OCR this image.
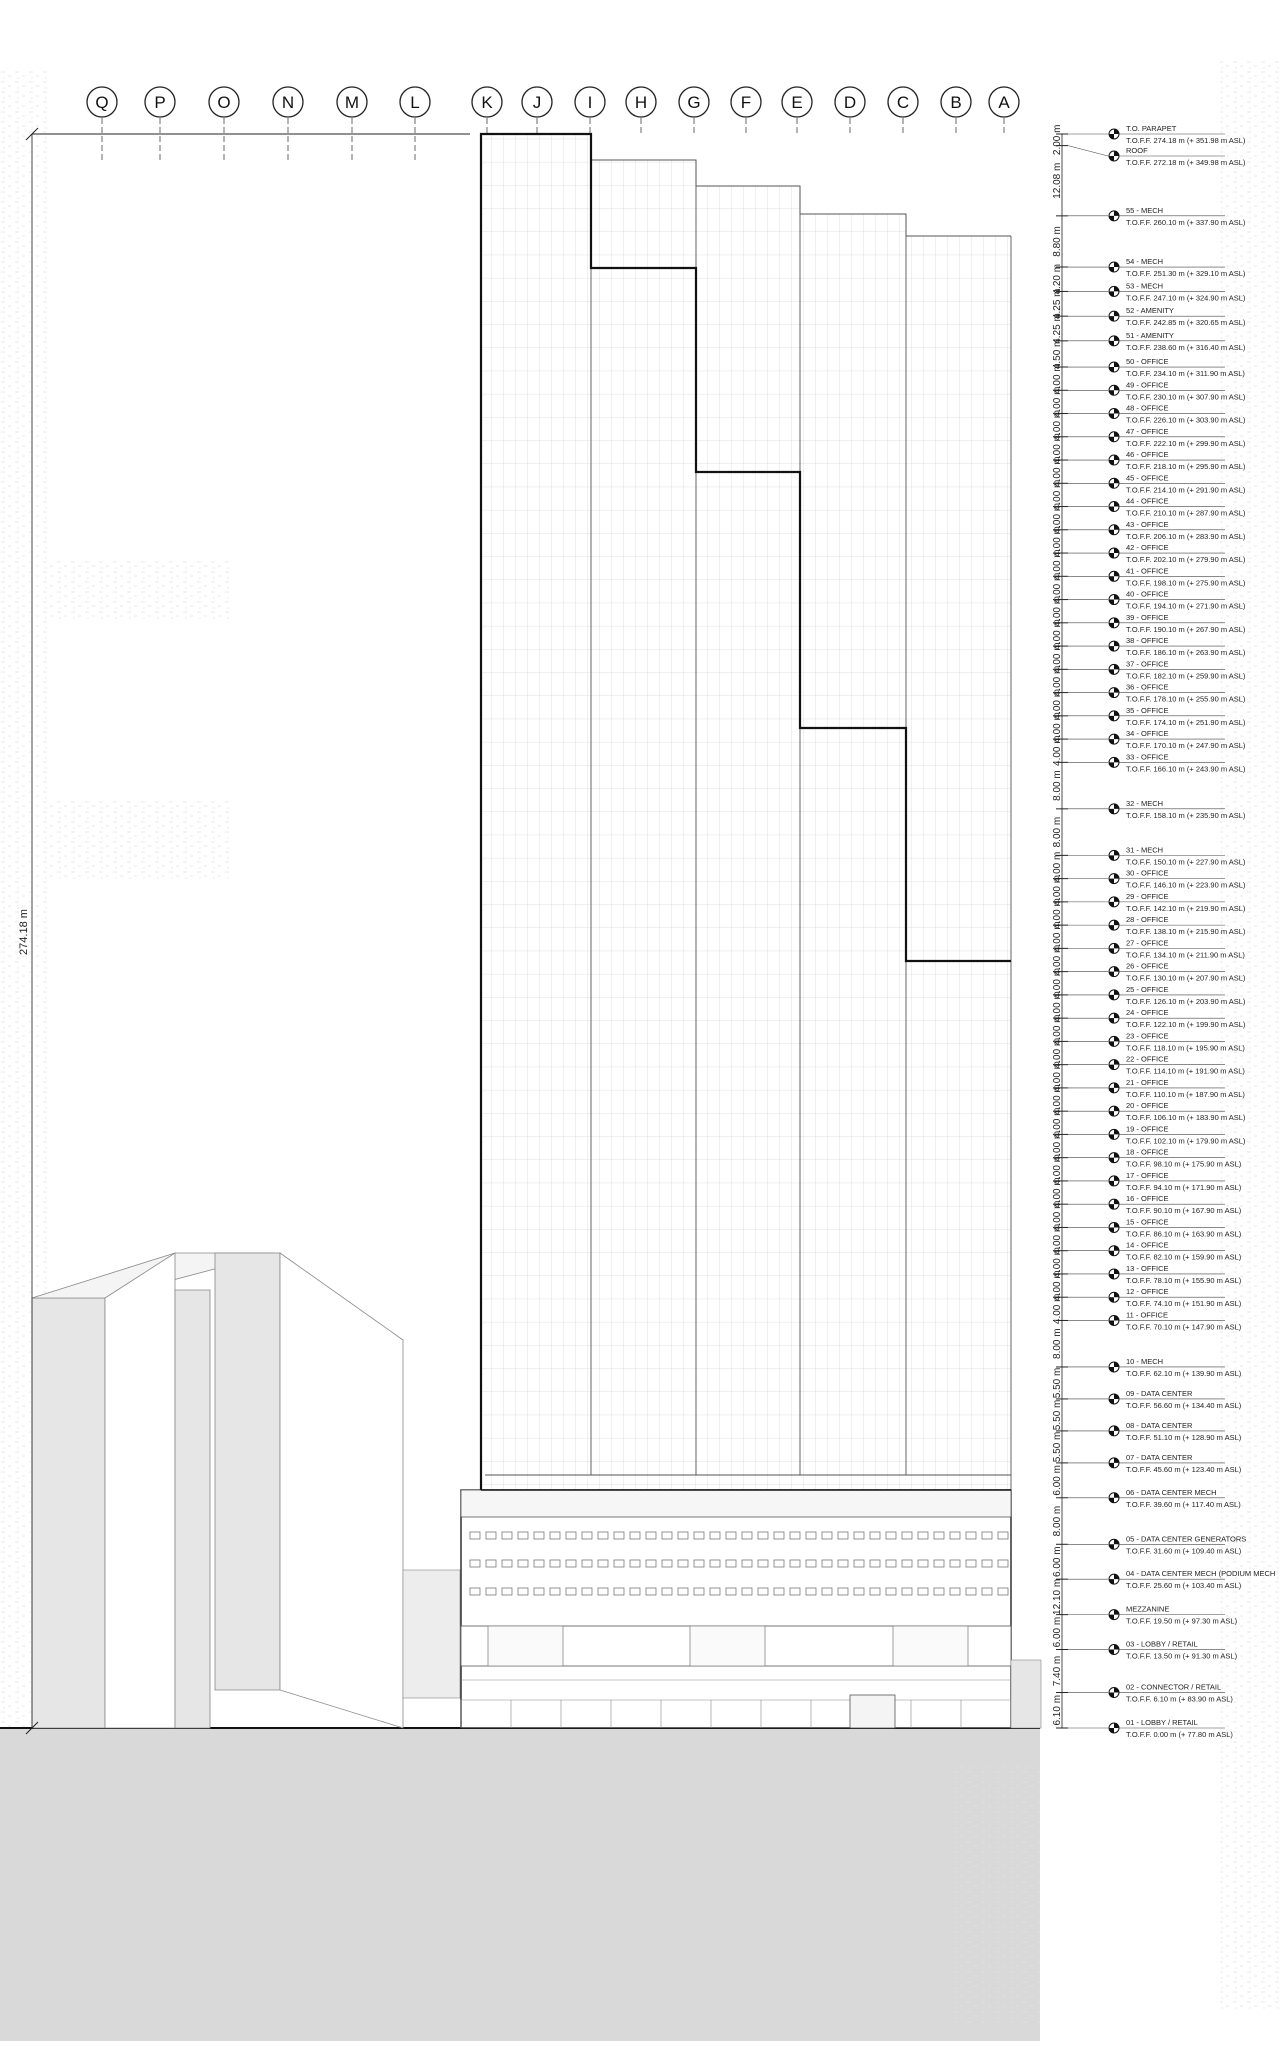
274.18 m
Q	P	O	N	M	L	K J	I H G F E D C B A
T.O. PARAPET
T.O.F.F. 274.18 m (+ 351.98 m ASL)
2.00 m	ROOF
T.O.F.F. 272.18 m (+ 349.98 m ASL)
12.08 m
55 - MECH
T.O.F.F. 260.10 m (+ 337.90 m ASL)
8.80 m
54 - MECH
T.O.F.F. 251.30 m (+ 329.10 m ASL)
4.20 m	53 - MECH
T.O.F.F. 247.10 m (+ 324.90 m ASL)
4.25 m	52 - AMENITY
T.O.F.F. 242.85 m (+ 320.65 m ASL)
4.25 m	51 - AMENITY
T.O.F.F. 238.60 m (+ 316.40 m ASL)
4.50 m	50 - OFFICE
T.O.F.F. 234.10 m (+ 311.90 m ASL)
4.00 m	49 - OFFICE
T.O.F.F. 230.10 m (+ 307.90 m ASL)
4.00 m	48 - OFFICE
T.O.F.F. 226.10 m (+ 303.90 m ASL)
4.00 m	47 - OFFICE
T.O.F.F. 222.10 m (+ 299.90 m ASL)
4.00 m	46 - OFFICE
T.O.F.F. 218.10 m (+ 295.90 m ASL)
4.00 m	45 - OFFICE
T.O.F.F. 214.10 m (+ 291.90 m ASL)
4.00 m	44 - OFFICE
T.O.F.F. 210.10 m (+ 287.90 m ASL)
4.00 m	43 - OFFICE
T.O.F.F. 206.10 m (+ 283.90 m ASL)
4.00 m	42 - OFFICE
T.O.F.F. 202.10 m (+ 279.90 m ASL)
4.00 m	41 - OFFICE
T.O.F.F. 198.10 m (+ 275.90 m ASL)
4.00 m	40 - OFFICE
T.O.F.F. 194.10 m (+ 271.90 m ASL)
4.00 m	39 - OFFICE
T.O.F.F. 190.10 m (+ 267.90 m ASL)
4.00 m	38 - OFFICE
T.O.F.F. 186.10 m (+ 263.90 m ASL)
4.00 m	37 - OFFICE
T.O.F.F. 182.10 m (+ 259.90 m ASL)
4.00 m	36 - OFFICE
T.O.F.F. 178.10 m (+ 255.90 m ASL)
4.00 m	35 - OFFICE
T.O.F.F. 174.10 m (+ 251.90 m ASL)
4.00 m	34 - OFFICE
T.O.F.F. 170.10 m (+ 247.90 m ASL)
4.00 m	33 - OFFICE
T.O.F.F. 166.10 m (+ 243.90 m ASL)
8.00 m
32 - MECH
T.O.F.F. 158.10 m (+ 235.90 m ASL)
8.00 m
31 - MECH
T.O.F.F. 150.10 m (+ 227.90 m ASL)
4.00 m	30 - OFFICE
T.O.F.F. 146.10 m (+ 223.90 m ASL)
4.00 m	29 - OFFICE
T.O.F.F. 142.10 m (+ 219.90 m ASL)
4.00 m	28 - OFFICE
T.O.F.F. 138.10 m (+ 215.90 m ASL)
4.00 m	27 - OFFICE
T.O.F.F. 134.10 m (+ 211.90 m ASL)
4.00 m	26 - OFFICE
T.O.F.F. 130.10 m (+ 207.90 m ASL)
4.00 m	25 - OFFICE
T.O.F.F. 126.10 m (+ 203.90 m ASL)
4.00 m	24 - OFFICE
T.O.F.F. 122.10 m (+ 199.90 m ASL)
4.00 m	23 - OFFICE
T.O.F.F. 118.10 m (+ 195.90 m ASL)
4.00 m	22 - OFFICE
T.O.F.F. 114.10 m (+ 191.90 m ASL)
4.00 m	21 - OFFICE
T.O.F.F. 110.10 m (+ 187.90 m ASL)
4.00 m	20 - OFFICE
T.O.F.F. 106.10 m (+ 183.90 m ASL)
4.00 m	19 - OFFICE
T.O.F.F. 102.10 m (+ 179.90 m ASL)
4.00 m	18 - OFFICE
T.O.F.F. 98.10 m (+ 175.90 m ASL)
4.00 m	17 - OFFICE
T.O.F.F. 94.10 m (+ 171.90 m ASL)
4.00 m	16 - OFFICE
T.O.F.F. 90.10 m (+ 167.90 m ASL)
4.00 m	15 - OFFICE
T.O.F.F. 86.10 m (+ 163.90 m ASL)
4.00 m	14 - OFFICE
T.O.F.F. 82.10 m (+ 159.90 m ASL)
4.00 m	13 - OFFICE
T.O.F.F. 78.10 m (+ 155.90 m ASL)
4.00 m	12 - OFFICE
T.O.F.F. 74.10 m (+ 151.90 m ASL)
4.00 m	11 - OFFICE
T.O.F.F. 70.10 m (+ 147.90 m ASL)
8.00 m
10 - MECH
T.O.F.F. 62.10 m (+ 139.90 m ASL)
5.50 m	09 - DATA CENTER
T.O.F.F. 56.60 m (+ 134.40 m ASL)
5.50 m	08 - DATA CENTER
T.O.F.F. 51.10 m (+ 128.90 m ASL)
5.50 m	07 - DATA CENTER
T.O.F.F. 45.60 m (+ 123.40 m ASL)
6.00 m	06 - DATA CENTER MECH
T.O.F.F. 39.60 m (+ 117.40 m ASL)
8.00 m
05 - DATA CENTER GENERATORS
T.O.F.F. 31.60 m (+ 109.40 m ASL)
6.00 m	04 - DATA CENTER MECH (PODIUM MECH
T.O.F.F. 25.60 m (+ 103.40 m ASL)
12.10 m	MEZZANINE
T.O.F.F. 19.50 m (+ 97.30 m ASL)
6.00 m	03 - LOBBY / RETAIL
T.O.F.F. 13.50 m (+ 91.30 m ASL)
7.40 m
02 - CONNECTOR / RETAIL
T.O.F.F. 6.10 m (+ 83.90 m ASL)
6.10 m	01 - LOBBY / RETAIL
T.O.F.F. 0.00 m (+ 77.80 m ASL)
